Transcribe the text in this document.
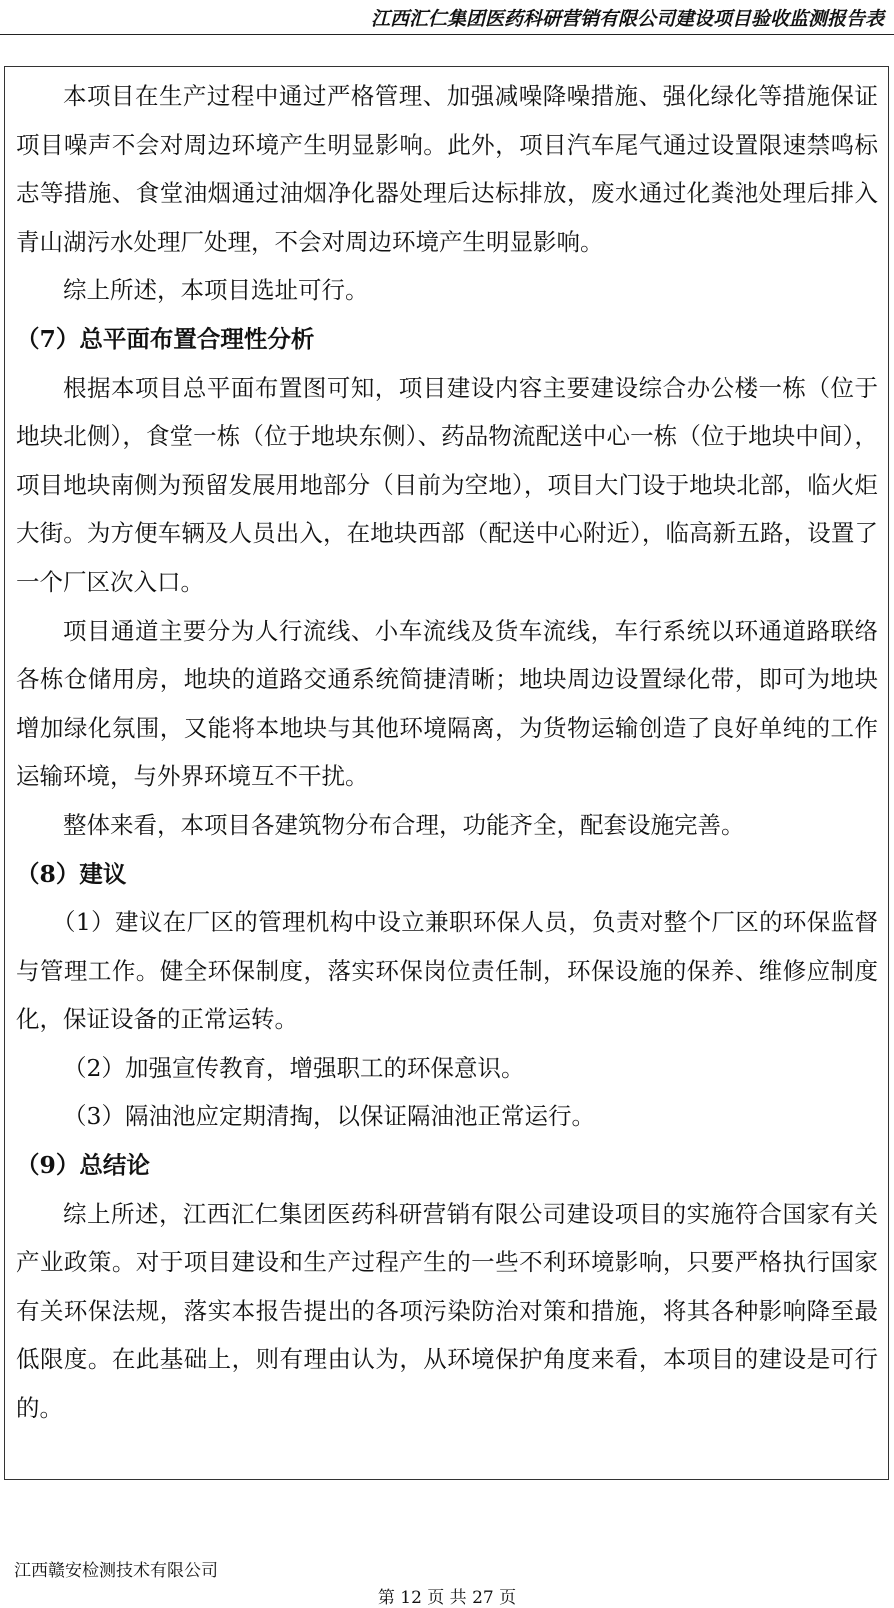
江西汇仁集团医药科研营销有限公司建设项目验收监测报告表

本项目在生产过程中通过严格管理、加强减噪降噪措施、强化绿化等措施保证项目噪声不会对周边环境产生明显影响。此外，项目汽车尾气通过设置限速禁鸣标志等措施、食堂油烟通过油烟净化器处理后达标排放，废水通过化粪池处理后排入青山湖污水处理厂处理，不会对周边环境产生明显影响。

综上所述，本项目选址可行。

（7）总平面布置合理性分析

根据本项目总平面布置图可知，项目建设内容主要建设综合办公楼一栋（位于地块北侧），食堂一栋（位于地块东侧）、药品物流配送中心一栋（位于地块中间），项目地块南侧为预留发展用地部分（目前为空地），项目大门设于地块北部，临火炬大街。为方便车辆及人员出入，在地块西部（配送中心附近），临高新五路，设置了一个厂区次入口。

项目通道主要分为人行流线、小车流线及货车流线，车行系统以环通道路联络各栋仓储用房，地块的道路交通系统简捷清晰；地块周边设置绿化带，即可为地块增加绿化氛围，又能将本地块与其他环境隔离，为货物运输创造了良好单纯的工作运输环境，与外界环境互不干扰。

整体来看，本项目各建筑物分布合理，功能齐全，配套设施完善。

（8）建议

（1）建议在厂区的管理机构中设立兼职环保人员，负责对整个厂区的环保监督与管理工作。健全环保制度，落实环保岗位责任制，环保设施的保养、维修应制度化，保证设备的正常运转。

（2）加强宣传教育，增强职工的环保意识。

（3）隔油池应定期清掏，以保证隔油池正常运行。

（9）总结论

综上所述，江西汇仁集团医药科研营销有限公司建设项目的实施符合国家有关产业政策。对于项目建设和生产过程产生的一些不利环境影响，只要严格执行国家有关环保法规，落实本报告提出的各项污染防治对策和措施，将其各种影响降至最低限度。在此基础上，则有理由认为，从环境保护角度来看，本项目的建设是可行的。

江西赣安检测技术有限公司
第 12 页 共 27 页
